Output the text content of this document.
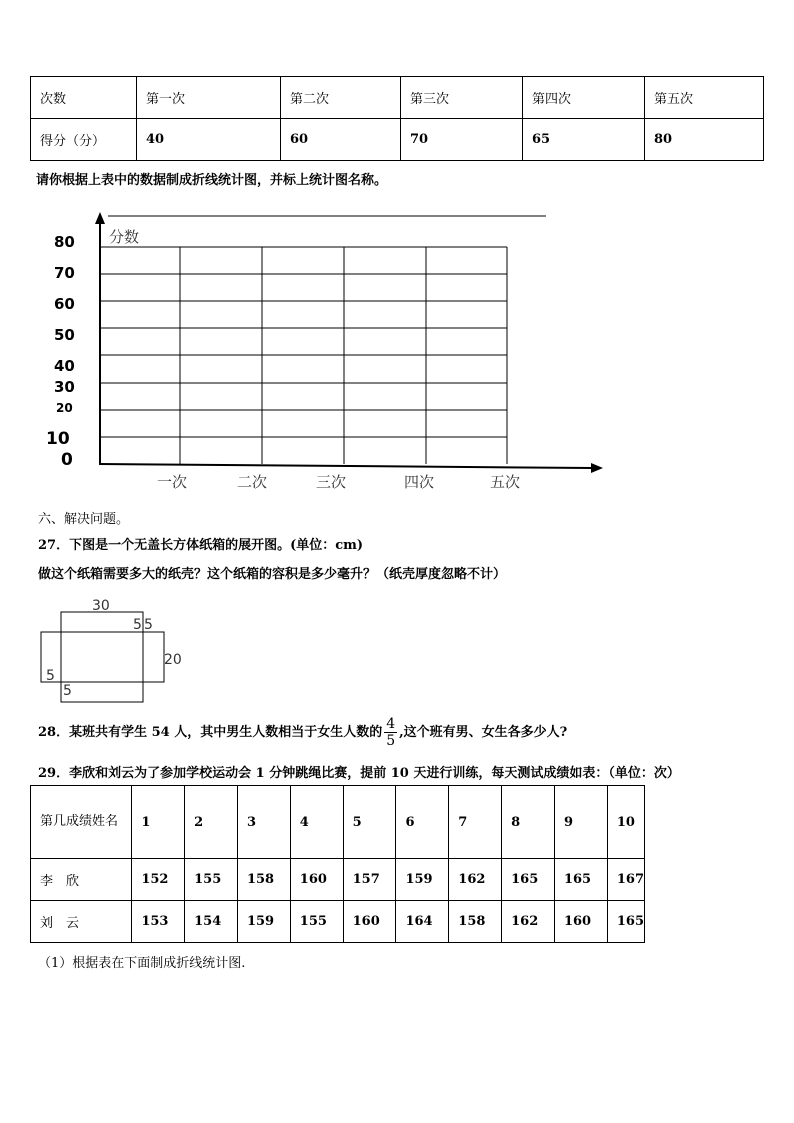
次数	第一次	第二次	第三次	第四次	第五次
得分（分）	40	60	70	65	80
请你根据上表中的数据制成折线统计图，并标上统计图名称。
分数
80
70
60
50
40
30
20
10
0
一次	二次	三次	四次	五次
六、解决问题。
27．下图是一个无盖长方体纸箱的展开图。(单位：cm)
做这个纸箱需要多大的纸壳？这个纸箱的容积是多少毫升？（纸壳厚度忽略不计）
30
5 5
20
5
5
28．某班共有学生 54 人，其中男生人数相当于女生人数的 $\frac{4}{5}$ ,这个班有男、女生各多少人?
29．李欣和刘云为了参加学校运动会 1 分钟跳绳比赛，提前 10 天进行训练，每天测试成绩如表：（单位：次）
第几成绩姓名	1	2	3	4	5	6	7	8	9	10
李　欣	152	155	158	160	157	159	162	165	165	167
刘　云	153	154	159	155	160	164	158	162	160	165
（1）根据表在下面制成折线统计图.
